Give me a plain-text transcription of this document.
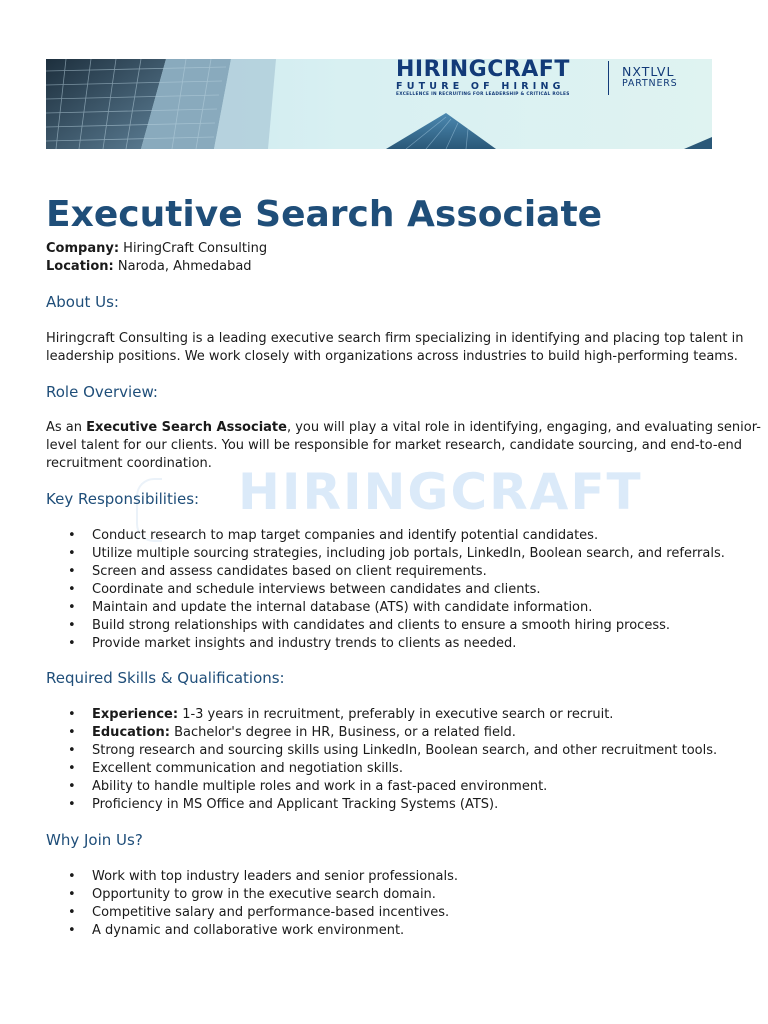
HIRINGCRAFT
FUTURE OF HIRING
EXCELLENCE IN RECRUITING FOR LEADERSHIP & CRITICAL ROLES
NXTLVL
PARTNERS
HIRINGCRAFT
Executive Search Associate
Company: HiringCraft Consulting
Location: Naroda, Ahmedabad
About Us:

Hiringcraft Consulting is a leading executive search firm specializing in identifying and placing top talent in
leadership positions. We work closely with organizations across industries to build high-performing teams.

Role Overview:

As an Executive Search Associate, you will play a vital role in identifying, engaging, and evaluating senior-
level talent for our clients. You will be responsible for market research, candidate sourcing, and end-to-end
recruitment coordination.

Key Responsibilities:
• Conduct research to map target companies and identify potential candidates.
• Utilize multiple sourcing strategies, including job portals, LinkedIn, Boolean search, and referrals.
• Screen and assess candidates based on client requirements.
• Coordinate and schedule interviews between candidates and clients.
• Maintain and update the internal database (ATS) with candidate information.
• Build strong relationships with candidates and clients to ensure a smooth hiring process.
• Provide market insights and industry trends to clients as needed.
Required Skills & Qualifications:
• Experience: 1-3 years in recruitment, preferably in executive search or recruit.
• Education: Bachelor's degree in HR, Business, or a related field.
• Strong research and sourcing skills using LinkedIn, Boolean search, and other recruitment tools.
• Excellent communication and negotiation skills.
• Ability to handle multiple roles and work in a fast-paced environment.
• Proficiency in MS Office and Applicant Tracking Systems (ATS).
Why Join Us?
• Work with top industry leaders and senior professionals.
• Opportunity to grow in the executive search domain.
• Competitive salary and performance-based incentives.
• A dynamic and collaborative work environment.
